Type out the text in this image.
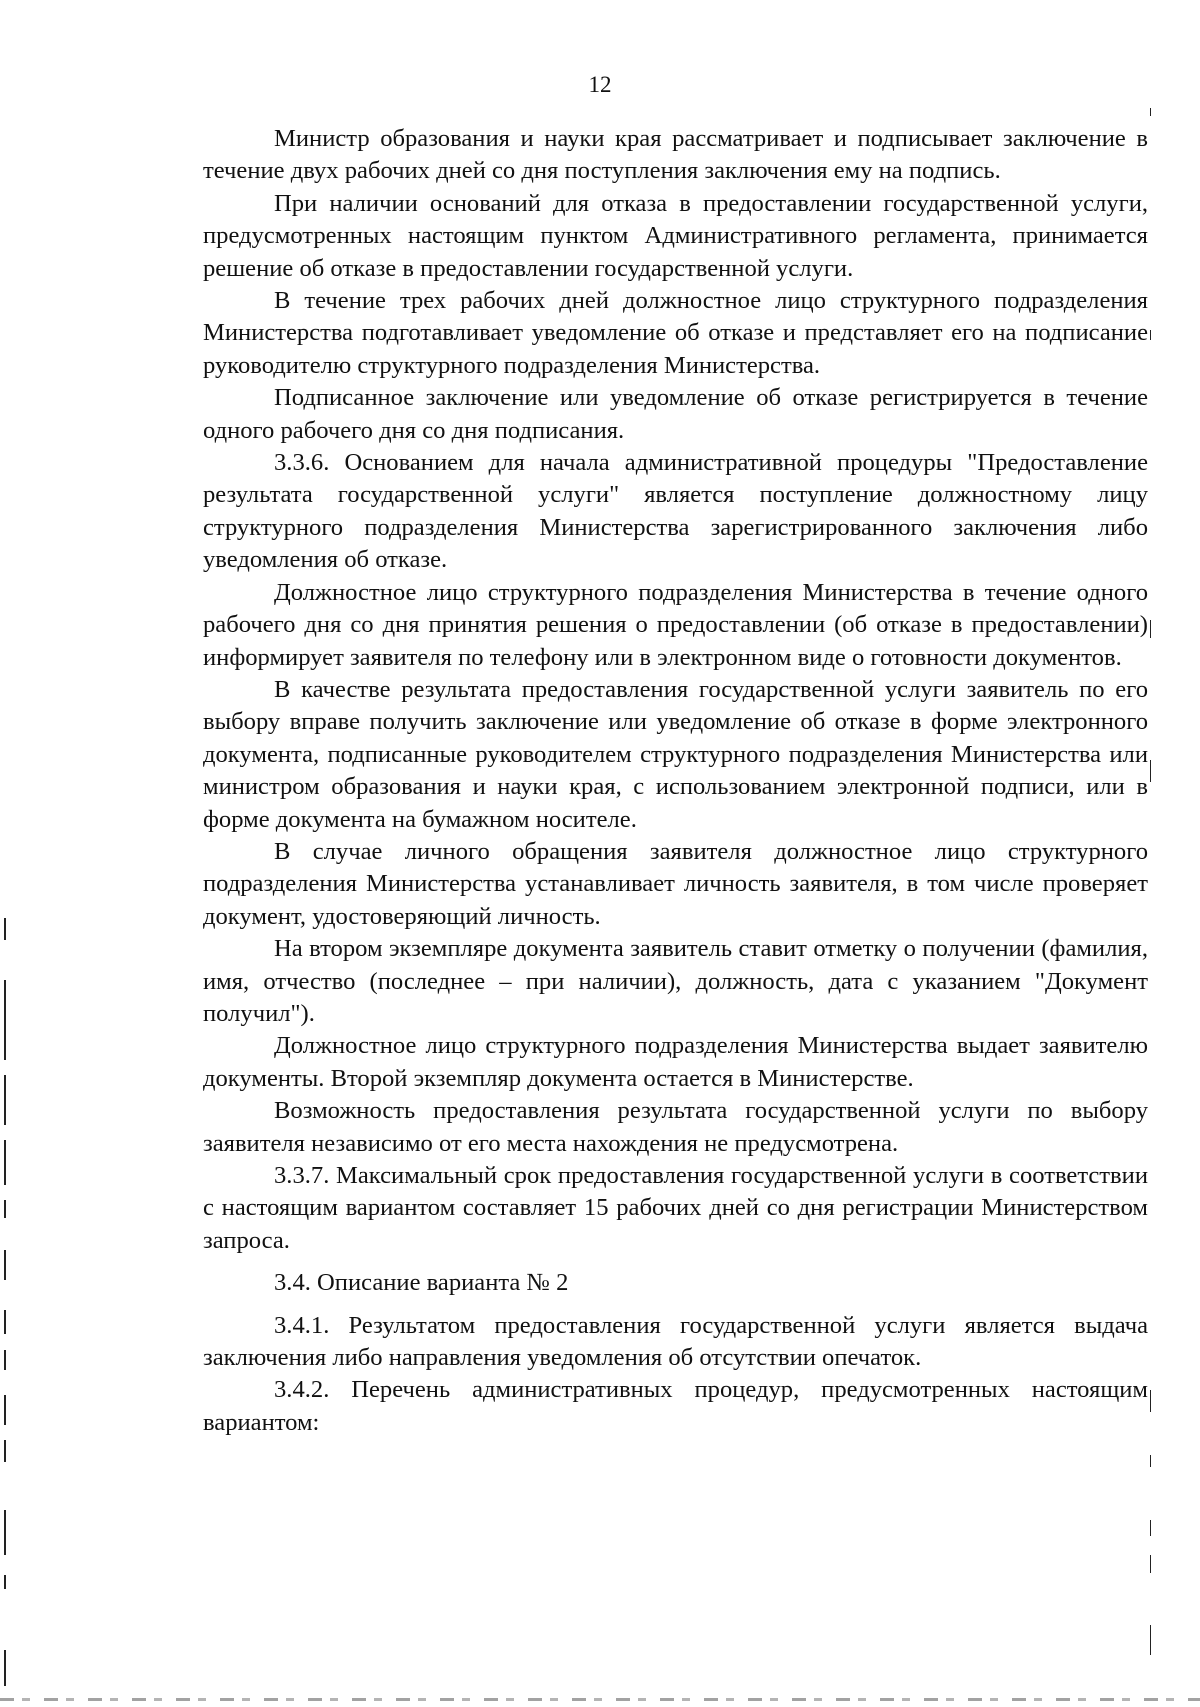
12

Министр образования и науки края рассматривает и подписывает заключение в течение двух рабочих дней со дня поступления заключения ему на подпись.

При наличии оснований для отказа в предоставлении государственной услуги, предусмотренных настоящим пунктом Административного регламента, принимается решение об отказе в предоставлении государственной услуги.

В течение трех рабочих дней должностное лицо структурного подразделения Министерства подготавливает уведомление об отказе и представляет его на подписание руководителю структурного подразделения Министерства.

Подписанное заключение или уведомление об отказе регистрируется в течение одного рабочего дня со дня подписания.

3.3.6. Основанием для начала административной процедуры "Предоставление результата государственной услуги" является поступление должностному лицу структурного подразделения Министерства зарегистрированного заключения либо уведомления об отказе.

Должностное лицо структурного подразделения Министерства в течение одного рабочего дня со дня принятия решения о предоставлении (об отказе в предоставлении) информирует заявителя по телефону или в электронном виде о готовности документов.

В качестве результата предоставления государственной услуги заявитель по его выбору вправе получить заключение или уведомление об отказе в форме электронного документа, подписанные руководителем структурного подразделения Министерства или министром образования и науки края, с использованием электронной подписи, или в форме документа на бумажном носителе.

В случае личного обращения заявителя должностное лицо структурного подразделения Министерства устанавливает личность заявителя, в том числе проверяет документ, удостоверяющий личность.

На втором экземпляре документа заявитель ставит отметку о получении (фамилия, имя, отчество (последнее – при наличии), должность, дата с указанием "Документ получил").

Должностное лицо структурного подразделения Министерства выдает заявителю документы. Второй экземпляр документа остается в Министерстве.

Возможность предоставления результата государственной услуги по выбору заявителя независимо от его места нахождения не предусмотрена.

3.3.7. Максимальный срок предоставления государственной услуги в соответствии с настоящим вариантом составляет 15 рабочих дней со дня регистрации Министерством запроса.

3.4. Описание варианта № 2

3.4.1. Результатом предоставления государственной услуги является выдача заключения либо направления уведомления об отсутствии опечаток.

3.4.2. Перечень административных процедур, предусмотренных настоящим вариантом:
